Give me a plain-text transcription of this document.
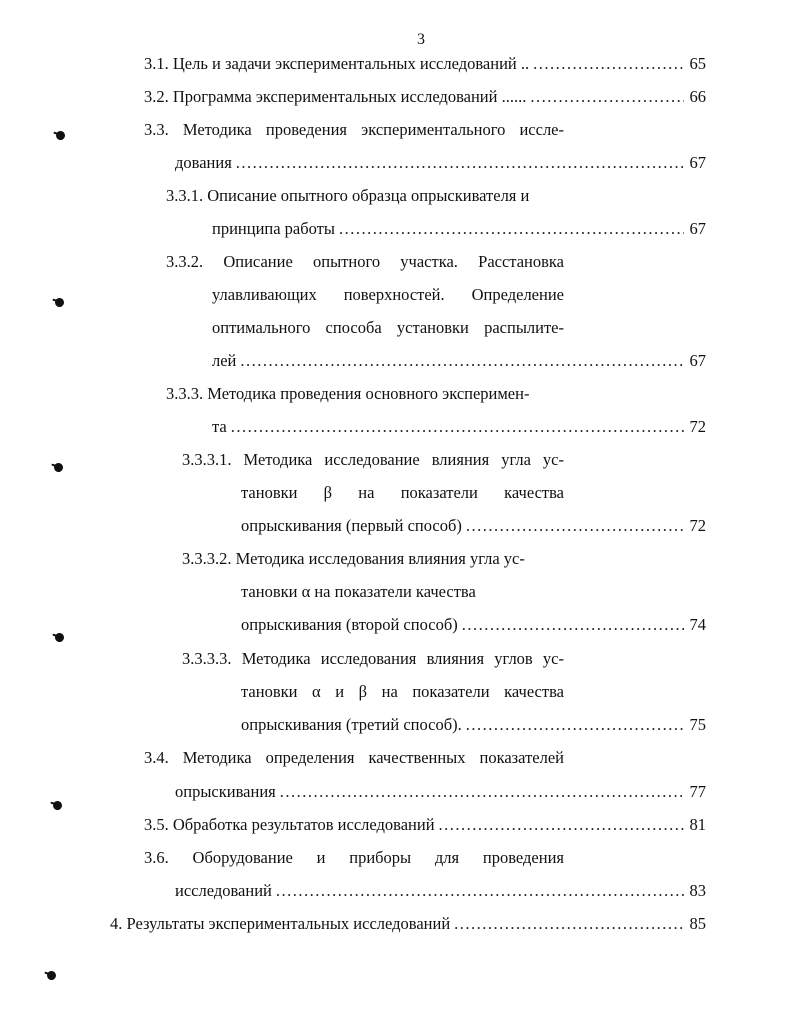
3
3.1. Цель и задачи экспериментальных исследований .. .....	65
3.2. Программа экспериментальных исследований ...... .....	66
3.3. Методика проведения экспериментального иссле-
дования .....	67
3.3.1. Описание опытного образца опрыскивателя и
принципа работы .....	67
3.3.2. Описание опытного участка. Расстановка
улавливающих поверхностей. Определение
оптимального способа установки распылите-
лей .....	67
3.3.3. Методика проведения основного эксперимен-
та .....	72
3.3.3.1. Методика исследование влияния угла ус-
тановки β на показатели качества
опрыскивания (первый способ) .....	72
3.3.3.2. Методика исследования влияния угла ус-
тановки α на показатели качества
опрыскивания (второй способ) .....	74
3.3.3.3. Методика исследования влияния углов ус-
тановки α и β на показатели качества
опрыскивания (третий способ). .....	75
3.4. Методика определения качественных показателей
опрыскивания .....	77
3.5. Обработка результатов исследований .....	81
3.6. Оборудование и приборы для проведения
исследований .....	83
4. Результаты экспериментальных исследований .....	85
